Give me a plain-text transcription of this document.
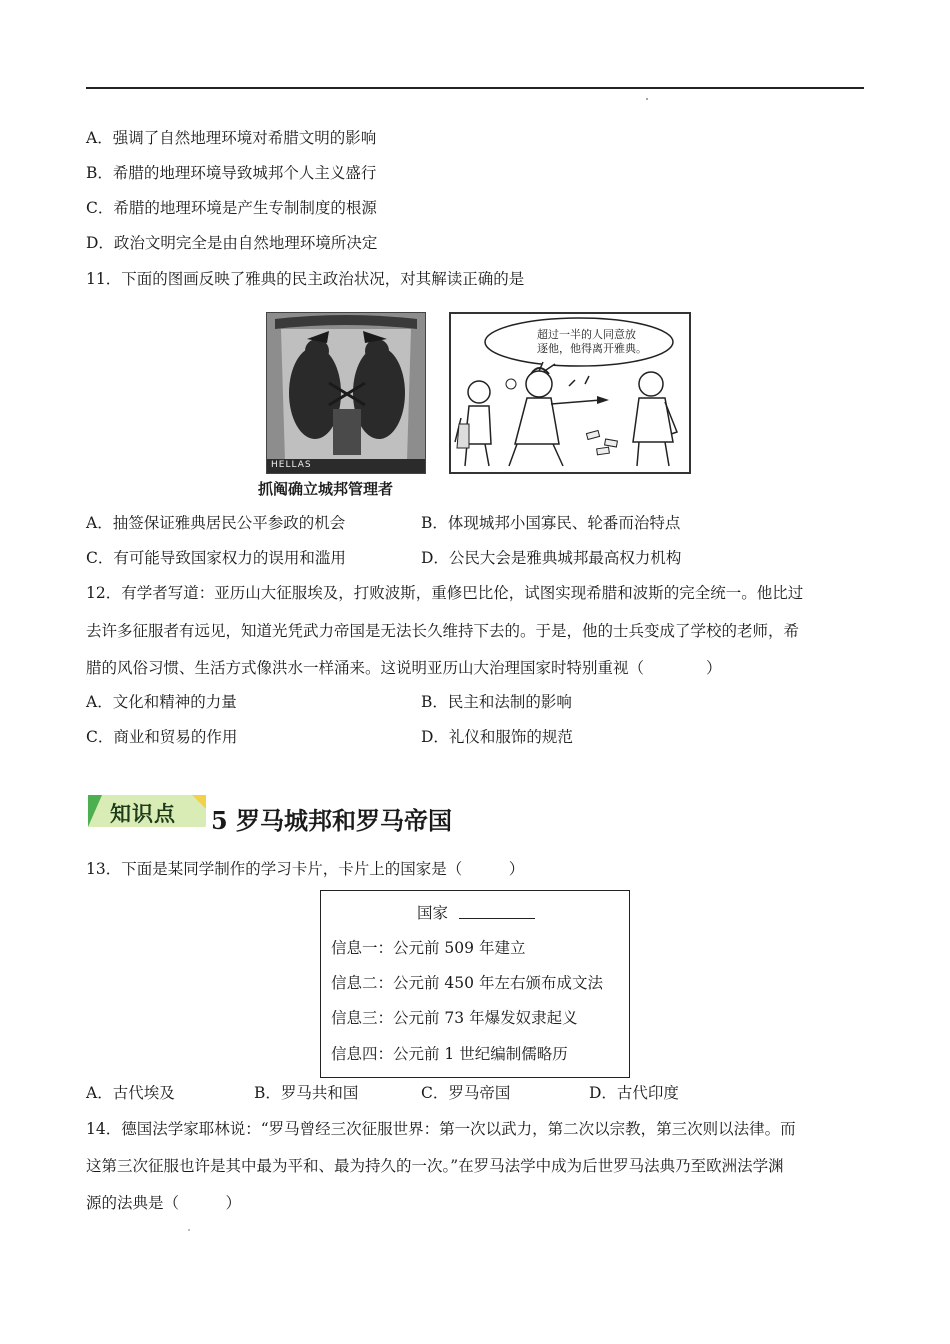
A．强调了自然地理环境对希腊文明的影响
B．希腊的地理环境导致城邦个人主义盛行
C．希腊的地理环境是产生专制制度的根源
D．政治文明完全是由自然地理环境所决定
11．下面的图画反映了雅典的民主政治状况，对其解读正确的是
HELLAS
抓阄确立城邦管理者
超过一半的人同意放
逐他，他得离开雅典。
A．抽签保证雅典居民公平参政的机会	B．体现城邦小国寡民、轮番而治特点
C．有可能导致国家权力的误用和滥用	D．公民大会是雅典城邦最高权力机构
12．有学者写道：亚历山大征服埃及，打败波斯，重修巴比伦，试图实现希腊和波斯的完全统一。他比过
去许多征服者有远见，知道光凭武力帝国是无法长久维持下去的。于是，他的士兵变成了学校的老师，希
腊的风俗习惯、生活方式像洪水一样涌来。这说明亚历山大治理国家时特别重视（　　　　）
A．文化和精神的力量	B．民主和法制的影响
C．商业和贸易的作用	D．礼仪和服饰的规范
知识点 5 罗马城邦和罗马帝国
13．下面是某同学制作的学习卡片，卡片上的国家是（　　　）
国家
信息一：公元前 509 年建立
信息二：公元前 450 年左右颁布成文法
信息三：公元前 73 年爆发奴隶起义
信息四：公元前 1 世纪编制儒略历
A．古代埃及	B．罗马共和国	C．罗马帝国	D．古代印度
14．德国法学家耶林说：“罗马曾经三次征服世界：第一次以武力，第二次以宗教，第三次则以法律。而
这第三次征服也许是其中最为平和、最为持久的一次。”在罗马法学中成为后世罗马法典乃至欧洲法学渊
源的法典是（　　　）
